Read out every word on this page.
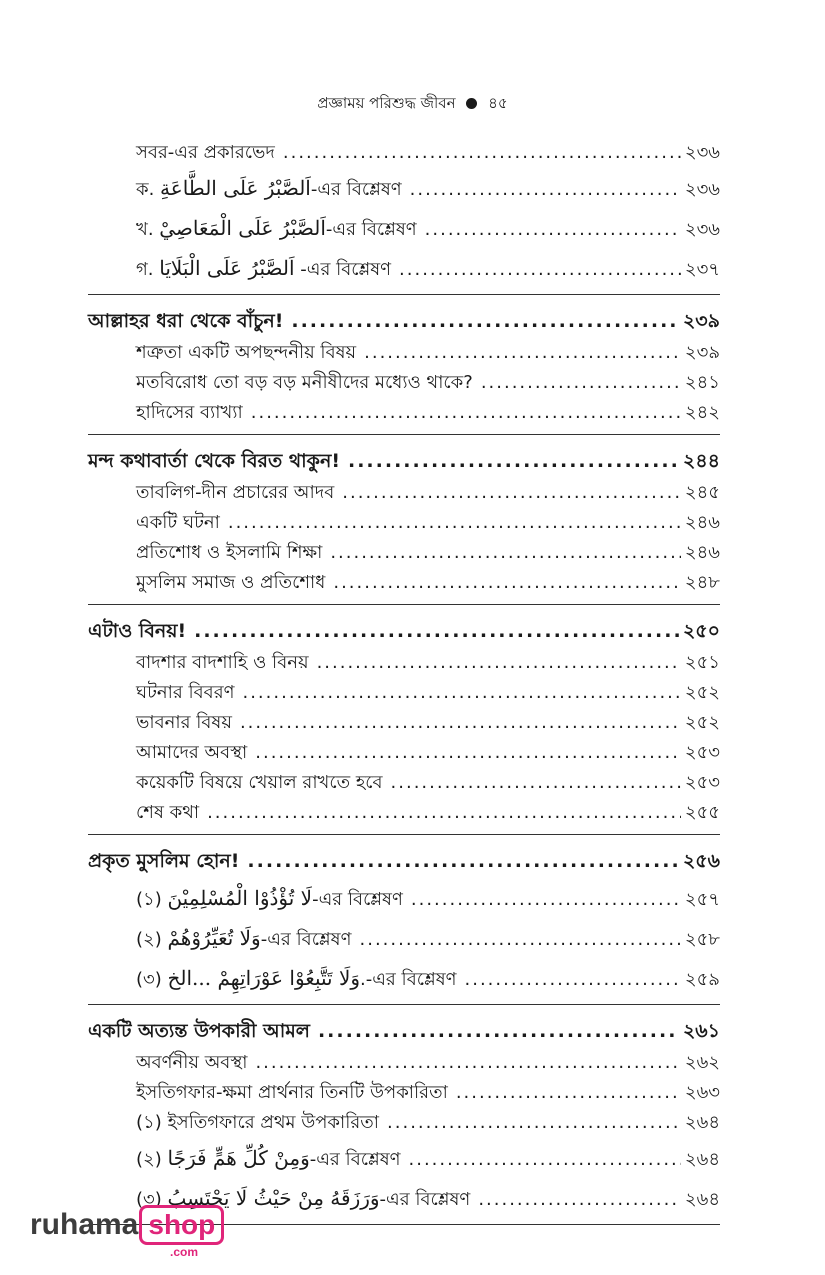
প্রজ্ঞাময় পরিশুদ্ধ জীবন ৪৫
সবর-এর প্রকারভেদ .....	২৩৬
ক. اَلصَّبْرُ عَلَى الطَّاعَةِ-এর বিশ্লেষণ .....	২৩৬
খ. اَلصَّبْرُ عَلَى الْمَعَاصِيْ-এর বিশ্লেষণ .....	২৩৬
গ. اَلصَّبْرُ عَلَى الْبَلَايَا -এর বিশ্লেষণ .....	২৩৭
আল্লাহর ধরা থেকে বাঁচুন! .....	২৩৯
শত্রুতা একটি অপছন্দনীয় বিষয় .....	২৩৯
মতবিরোধ তো বড় বড় মনীষীদের মধ্যেও থাকে? .....	২৪১
হাদিসের ব্যাখ্যা .....	২৪২
মন্দ কথাবার্তা থেকে বিরত থাকুন! .....	২৪৪
তাবলিগ-দীন প্রচারের আদব .....	২৪৫
একটি ঘটনা .....	২৪৬
প্রতিশোধ ও ইসলামি শিক্ষা .....	২৪৬
মুসলিম সমাজ ও প্রতিশোধ .....	২৪৮
এটাও বিনয়! .....	২৫০
বাদশার বাদশাহি ও বিনয় .....	২৫১
ঘটনার বিবরণ .....	২৫২
ভাবনার বিষয় .....	২৫২
আমাদের অবস্থা .....	২৫৩
কয়েকটি বিষয়ে খেয়াল রাখতে হবে .....	২৫৩
শেষ কথা .....	২৫৫
প্রকৃত মুসলিম হোন! .....	২৫৬
(১) لَا تُؤْذُوْا الْمُسْلِمِيْنَ-এর বিশ্লেষণ .....	২৫৭
(২) وَلَا تُعَيِّرُوْهُمْ-এর বিশ্লেষণ .....	২৫৮
(৩) وَلَا تَتَّبِعُوْا عَوْرَاتِهِمْ ...الخ.-এর বিশ্লেষণ .....	২৫৯
একটি অত্যন্ত উপকারী আমল .....	২৬১
অবর্ণনীয় অবস্থা .....	২৬২
ইসতিগফার-ক্ষমা প্রার্থনার তিনটি উপকারিতা .....	২৬৩
(১) ইসতিগফারে প্রথম উপকারিতা .....	২৬৪
(২) وَمِنْ كُلِّ هَمٍّ فَرَجًا-এর বিশ্লেষণ .....	২৬৪
(৩) وَرَزَقَهُ مِنْ حَيْثُ لَا يَحْتَسِبُ-এর বিশ্লেষণ .....	২৬৪
ruhama shop
.com
